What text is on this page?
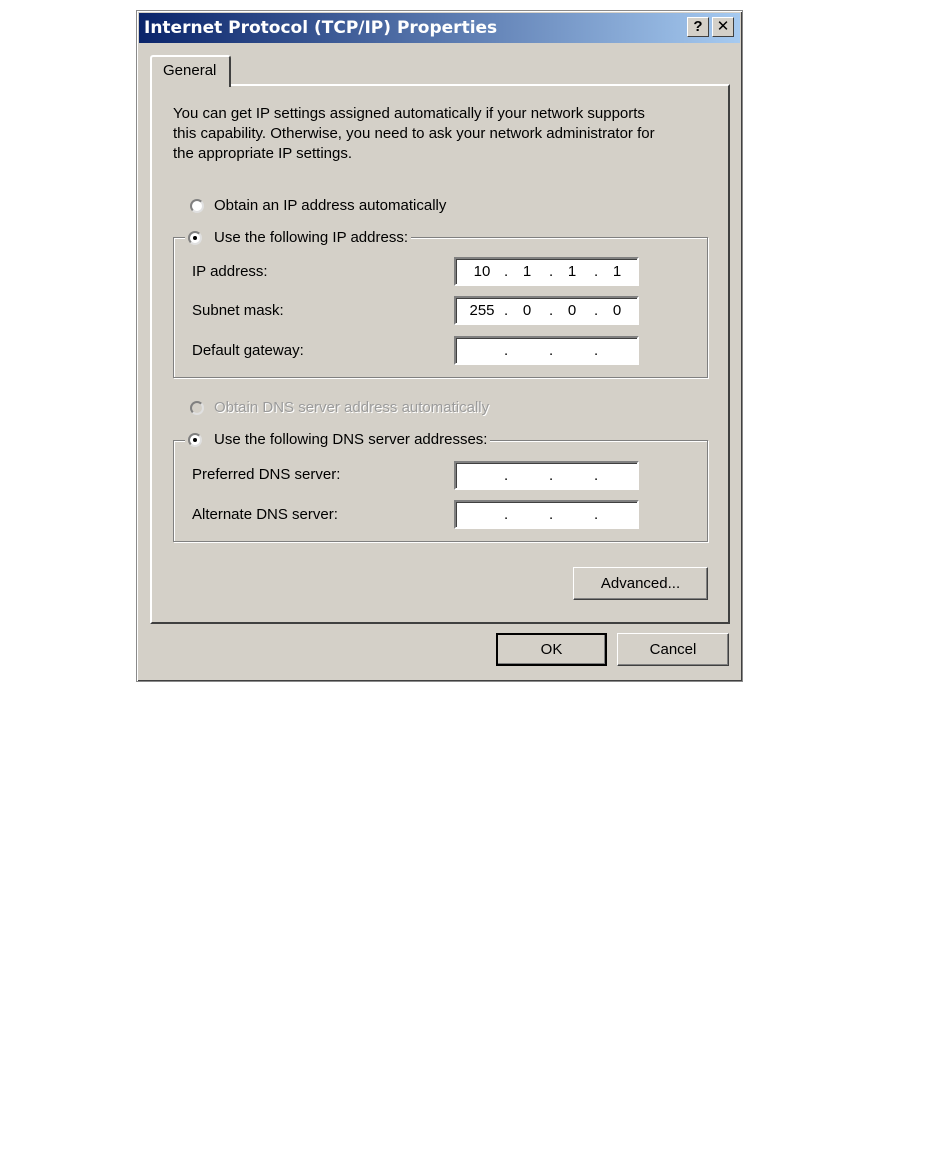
Internet Protocol (TCP/IP) Properties	? ✕
General
You can get IP settings assigned automatically if your network supports
this capability. Otherwise, you need to ask your network administrator for
the appropriate IP settings.
Obtain an IP address automatically
Use the following IP address:
IP address:	10 . 1	. 1	. 1
Subnet mask:	255 . 0	. 0	. 0
Default gateway:	.	.	.
Obtain DNS server address automatically
Use the following DNS server addresses:
Preferred DNS server:	.	.	.
Alternate DNS server:	.	.	.
Advanced...
OK	Cancel
